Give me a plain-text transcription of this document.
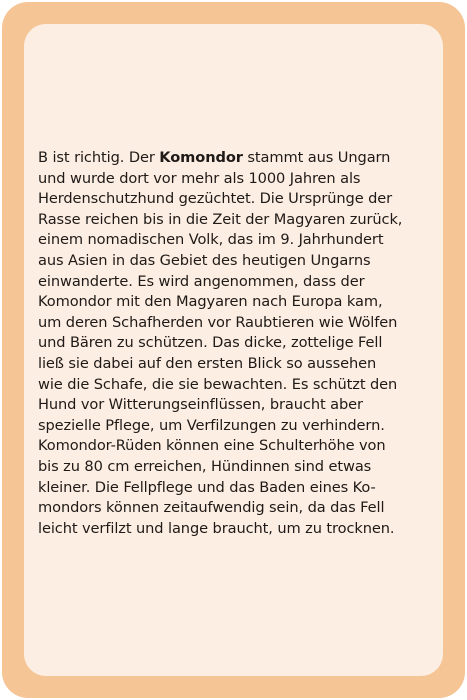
B ist richtig. Der Komondor stammt aus Ungarn
und wurde dort vor mehr als 1000 Jahren als
Herdenschutzhund gezüchtet. Die Ursprünge der
Rasse reichen bis in die Zeit der Magyaren zurück,
einem nomadischen Volk, das im 9. Jahrhundert
aus Asien in das Gebiet des heutigen Ungarns
einwanderte. Es wird angenommen, dass der
Komondor mit den Magyaren nach Europa kam,
um deren Schafherden vor Raubtieren wie Wölfen
und Bären zu schützen. Das dicke, zottelige Fell
ließ sie dabei auf den ersten Blick so aussehen
wie die Schafe, die sie bewachten. Es schützt den
Hund vor Witterungseinflüssen, braucht aber
spezielle Pflege, um Verfilzungen zu verhindern.
Komondor-Rüden können eine Schulterhöhe von
bis zu 80 cm erreichen, Hündinnen sind etwas
kleiner. Die Fellpflege und das Baden eines Ko-
mondors können zeitaufwendig sein, da das Fell
leicht verfilzt und lange braucht, um zu trocknen.
